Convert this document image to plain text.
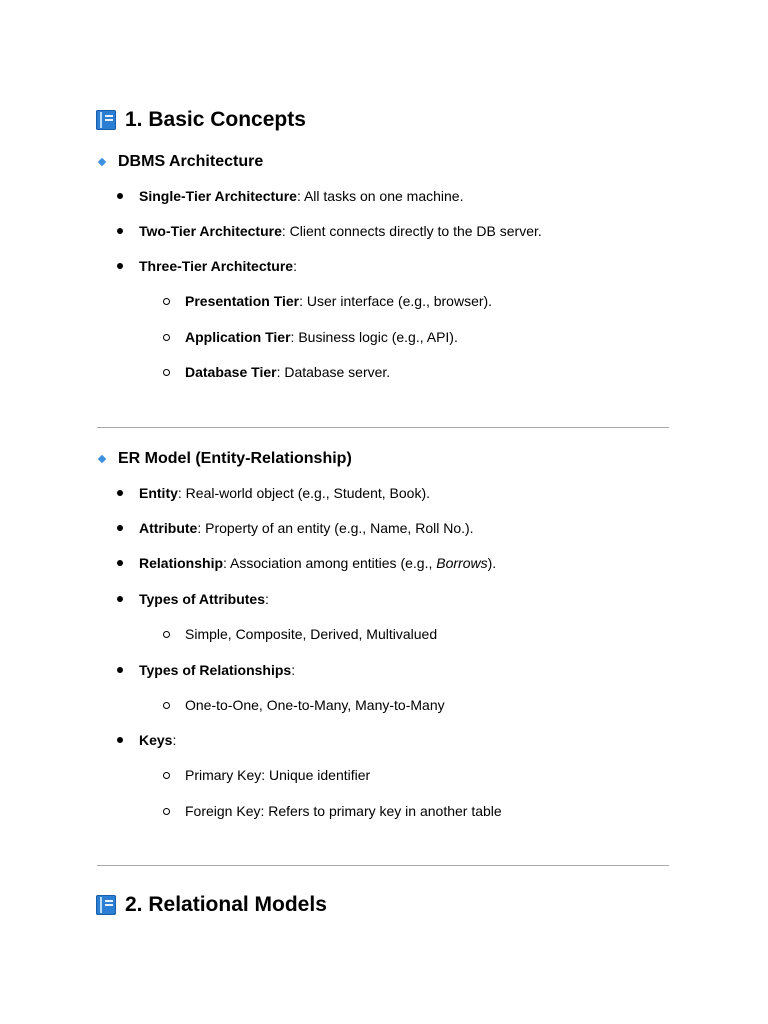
1. Basic Concepts
DBMS Architecture
Single-Tier Architecture: All tasks on one machine.
Two-Tier Architecture: Client connects directly to the DB server.
Three-Tier Architecture:
Presentation Tier: User interface (e.g., browser).
Application Tier: Business logic (e.g., API).
Database Tier: Database server.
ER Model (Entity-Relationship)
Entity: Real-world object (e.g., Student, Book).
Attribute: Property of an entity (e.g., Name, Roll No.).
Relationship: Association among entities (e.g., Borrows).
Types of Attributes:
Simple, Composite, Derived, Multivalued
Types of Relationships:
One-to-One, One-to-Many, Many-to-Many
Keys:
Primary Key: Unique identifier
Foreign Key: Refers to primary key in another table
2. Relational Models
